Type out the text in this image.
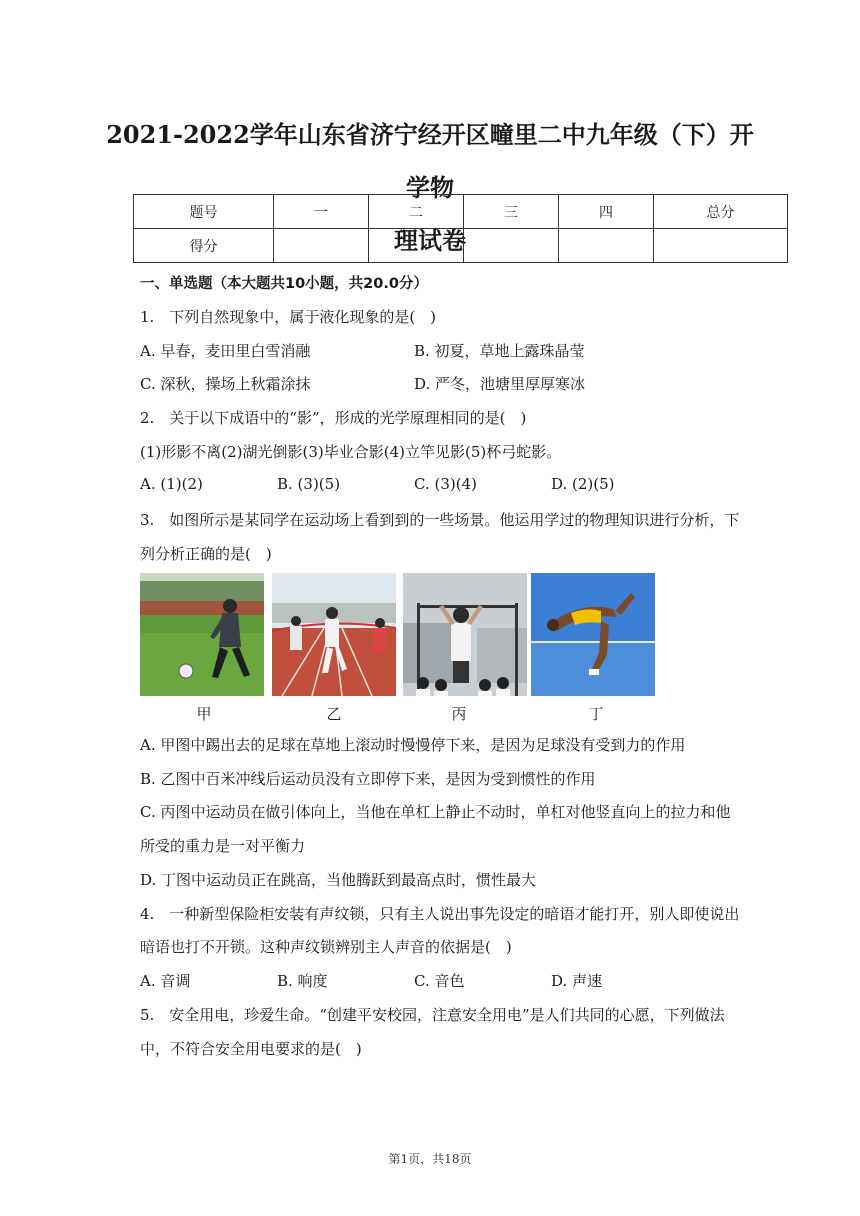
2021-2022学年山东省济宁经开区疃里二中九年级（下）开学物
理试卷
题号	一	二	三	四	总分
得分					
一、单选题（本大题共10小题，共20.0分）
1.　下列自然现象中，属于液化现象的是(　)
A. 早春，麦田里白雪消融	B. 初夏，草地上露珠晶莹
C. 深秋，操场上秋霜涂抹	D. 严冬，池塘里厚厚寒冰
2.　关于以下成语中的“影”，形成的光学原理相同的是(　)
(1)形影不离(2)湖光倒影(3)毕业合影(4)立竿见影(5)杯弓蛇影。
A. (1)(2)	B. (3)(5)	C. (3)(4)	D. (2)(5)
3.　如图所示是某同学在运动场上看到到的一些场景。他运用学过的物理知识进行分析，下
列分析正确的是(　)
甲	乙	丙	丁
A. 甲图中踢出去的足球在草地上滚动时慢慢停下来，是因为足球没有受到力的作用
B. 乙图中百米冲线后运动员没有立即停下来，是因为受到惯性的作用
C. 丙图中运动员在做引体向上，当他在单杠上静止不动时，单杠对他竖直向上的拉力和他
所受的重力是一对平衡力
D. 丁图中运动员正在跳高，当他腾跃到最高点时，惯性最大
4.　一种新型保险柜安装有声纹锁，只有主人说出事先设定的暗语才能打开，别人即使说出
暗语也打不开锁。这种声纹锁辨别主人声音的依据是(　)
A. 音调	B. 响度	C. 音色	D. 声速
5.　安全用电，珍爱生命。“创建平安校园，注意安全用电”是人们共同的心愿，下列做法
中，不符合安全用电要求的是(　)
第1页，共18页
